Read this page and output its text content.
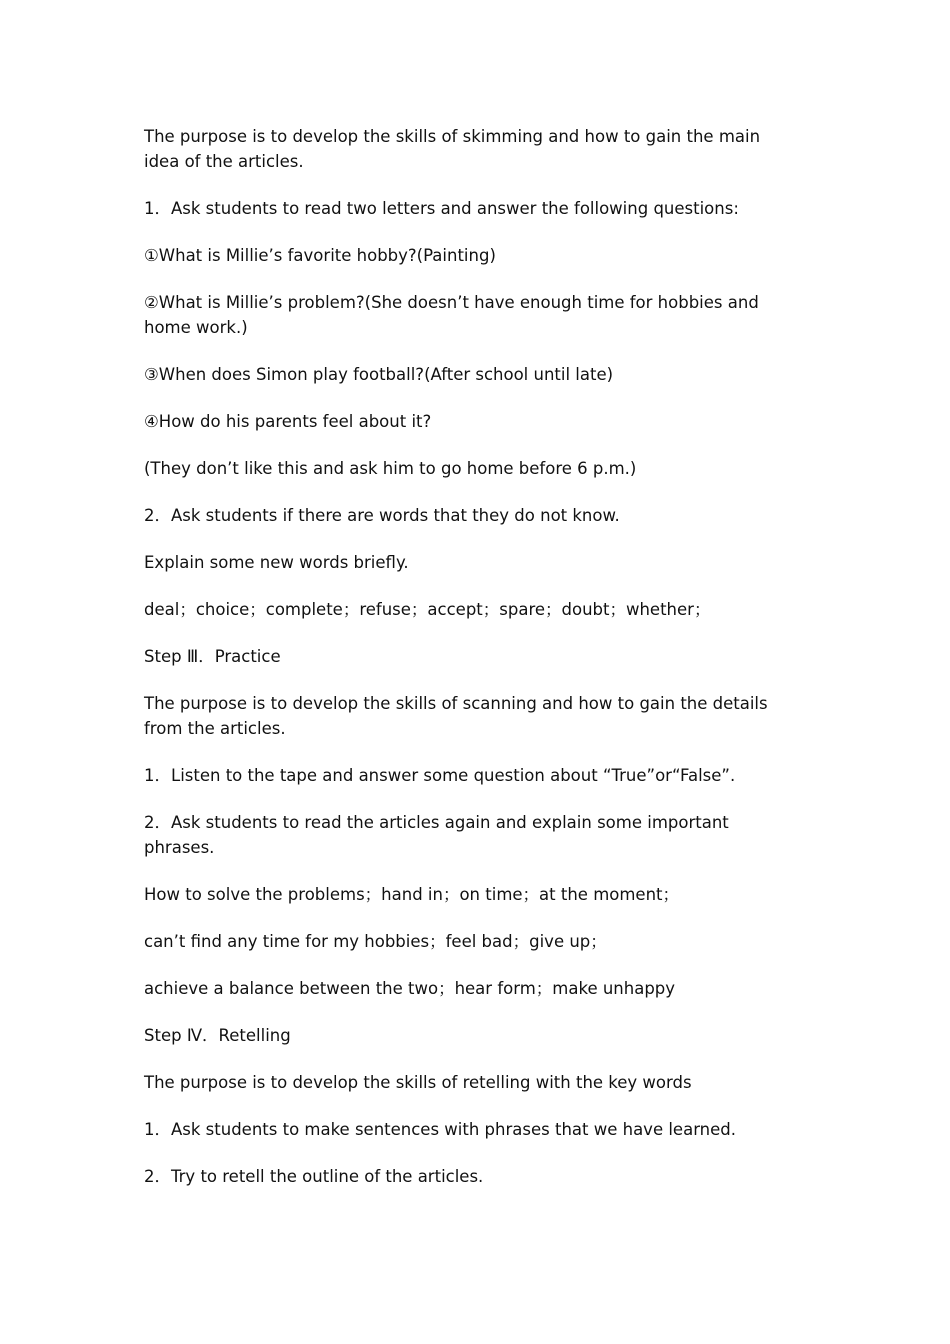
The purpose is to develop the skills of skimming and how to gain the main idea of the articles.

1．Ask students to read two letters and answer the following questions:

①What is Millie’s favorite hobby?(Painting)

②What is Millie’s problem?(She doesn’t have enough time for hobbies and home work.)

③When does Simon play football?(After school until late)

④How do his parents feel about it?

(They don’t like this and ask him to go home before 6 p.m.)

2．Ask students if there are words that they do not know.

Explain some new words briefly.

deal；choice；complete；refuse；accept；spare；doubt；whether；

Step Ⅲ．Practice

The purpose is to develop the skills of scanning and how to gain the details from the articles.

1．Listen to the tape and answer some question about “True”or“False”.

2．Ask students to read the articles again and explain some important phrases.

How to solve the problems；hand in；on time；at the moment；

can’t find any time for my hobbies；feel bad；give up；

achieve a balance between the two；hear form；make unhappy

Step Ⅳ．Retelling

The purpose is to develop the skills of retelling with the key words

1．Ask students to make sentences with phrases that we have learned.

2．Try to retell the outline of the articles.
